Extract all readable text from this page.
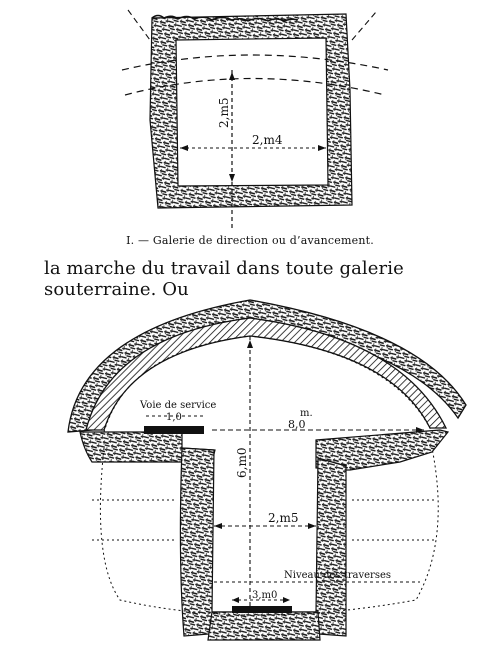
2,m5
2,m4
Voie de service
1,0	m.
8,0
6,m0
2,m5
Niveau des traverses
3,m0
I. — Galerie de direction ou d’avancement.
la marche du travail dans toute galerie souterraine. Ou
